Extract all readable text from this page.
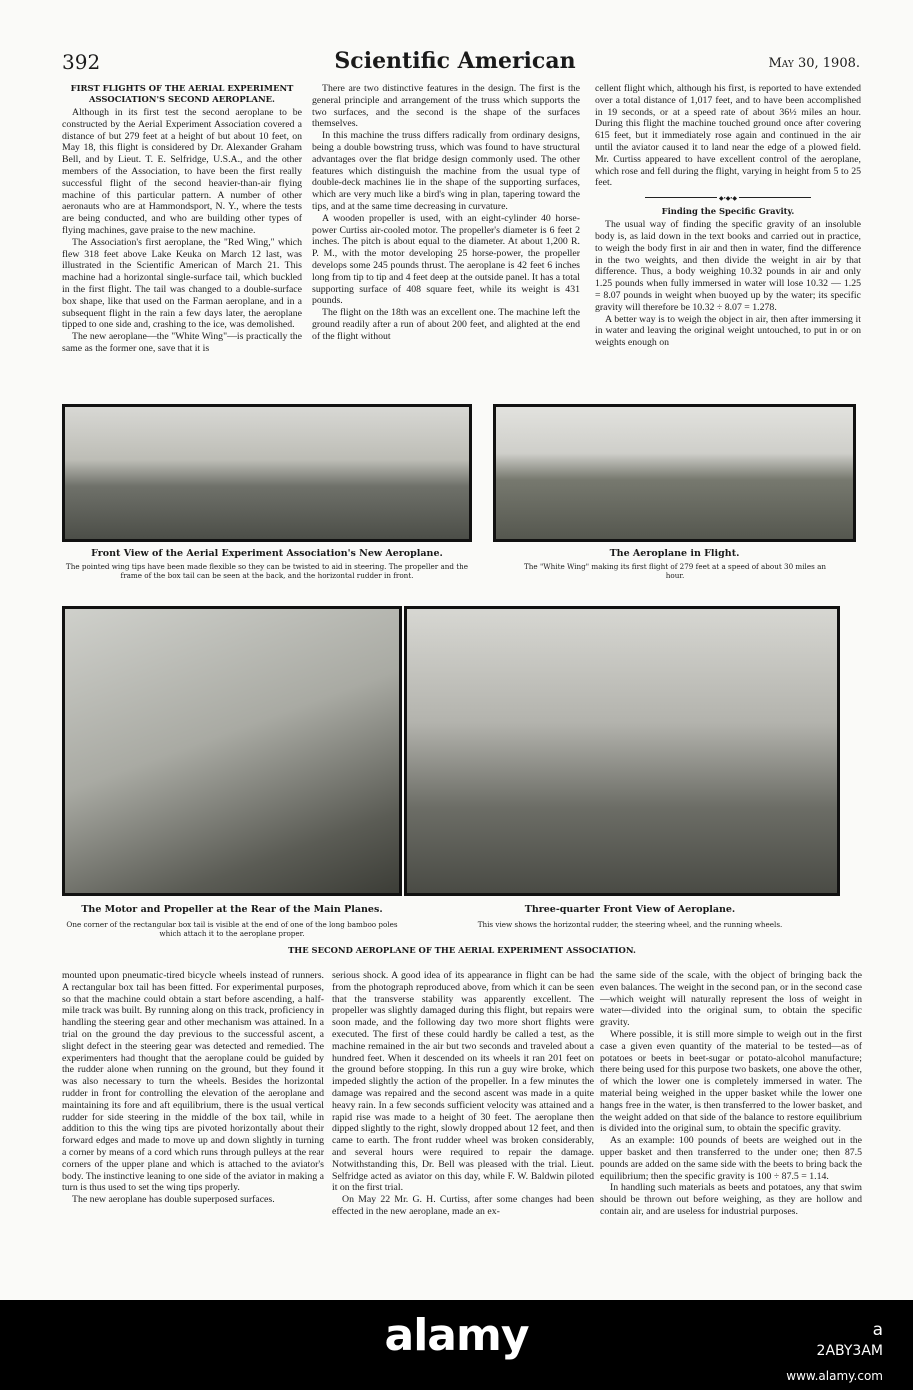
392	Scientific American	May 30, 1908.
FIRST FLIGHTS OF THE AERIAL EXPERIMENT ASSOCIATION'S SECOND AEROPLANE.

Although in its first test the second aeroplane to be constructed by the Aerial Experiment Association covered a distance of but 279 feet at a height of but about 10 feet, on May 18, this flight is considered by Dr. Alexander Graham Bell, and by Lieut. T. E. Selfridge, U.S.A., and the other members of the Association, to have been the first really successful flight of the second heavier-than-air flying machine of this particular pattern. A number of other aeronauts who are at Hammondsport, N. Y., where the tests are being conducted, and who are building other types of flying machines, gave praise to the new machine.

The Association's first aeroplane, the "Red Wing," which flew 318 feet above Lake Keuka on March 12 last, was illustrated in the Scientific American of March 21. This machine had a horizontal single-surface tail, which buckled in the first flight. The tail was changed to a double-surface box shape, like that used on the Farman aeroplane, and in a subsequent flight in the rain a few days later, the aeroplane tipped to one side and, crashing to the ice, was demolished.

The new aeroplane—the "White Wing"—is practically the same as the former one, save that it is

There are two distinctive features in the design. The first is the general principle and arrangement of the truss which supports the two surfaces, and the second is the shape of the surfaces themselves.

In this machine the truss differs radically from ordinary designs, being a double bowstring truss, which was found to have structural advantages over the flat bridge design commonly used. The other features which distinguish the machine from the usual type of double-deck machines lie in the shape of the supporting surfaces, which are very much like a bird's wing in plan, tapering toward the tips, and at the same time decreasing in curvature.

A wooden propeller is used, with an eight-cylinder 40 horse-power Curtiss air-cooled motor. The propeller's diameter is 6 feet 2 inches. The pitch is about equal to the diameter. At about 1,200 R. P. M., with the motor developing 25 horse-power, the propeller develops some 245 pounds thrust. The aeroplane is 42 feet 6 inches long from tip to tip and 4 feet deep at the outside panel. It has a total supporting surface of 408 square feet, while its weight is 431 pounds.

The flight on the 18th was an excellent one. The machine left the ground readily after a run of about 200 feet, and alighted at the end of the flight without

cellent flight which, although his first, is reported to have extended over a total distance of 1,017 feet, and to have been accomplished in 19 seconds, or at a speed rate of about 36½ miles an hour. During this flight the machine touched ground once after covering 615 feet, but it immediately rose again and continued in the air until the aviator caused it to land near the edge of a plowed field. Mr. Curtiss appeared to have excellent control of the aeroplane, which rose and fell during the flight, varying in height from 5 to 25 feet.

◆•◆•◆
Finding the Specific Gravity.

The usual way of finding the specific gravity of an insoluble body is, as laid down in the text books and carried out in practice, to weigh the body first in air and then in water, find the difference in the two weights, and then divide the weight in air by that difference. Thus, a body weighing 10.32 pounds in air and only 1.25 pounds when fully immersed in water will lose 10.32 — 1.25 = 8.07 pounds in weight when buoyed up by the water; its specific gravity will therefore be 10.32 ÷ 8.07 = 1.278.

A better way is to weigh the object in air, then after immersing it in water and leaving the original weight untouched, to put in or on weights enough on

Front View of the Aerial Experiment Association's New Aeroplane.
The pointed wing tips have been made flexible so they can be twisted to aid in steering. The propeller and the frame of the box tail can be seen at the back, and the horizontal rudder in front.
The Aeroplane in Flight.
The "White Wing" making its first flight of 279 feet at a speed of about 30 miles an hour.
The Motor and Propeller at the Rear of the Main Planes.
One corner of the rectangular box tail is visible at the end of one of the long bamboo poles which attach it to the aeroplane proper.
Three-quarter Front View of Aeroplane.
This view shows the horizontal rudder, the steering wheel, and the running wheels.
THE SECOND AEROPLANE OF THE AERIAL EXPERIMENT ASSOCIATION.

mounted upon pneumatic-tired bicycle wheels instead of runners. A rectangular box tail has been fitted. For experimental purposes, so that the machine could obtain a start before ascending, a half-mile track was built. By running along on this track, proficiency in handling the steering gear and other mechanism was attained. In a trial on the ground the day previous to the successful ascent, a slight defect in the steering gear was detected and remedied. The experimenters had thought that the aeroplane could be guided by the rudder alone when running on the ground, but they found it was also necessary to turn the wheels. Besides the horizontal rudder in front for controlling the elevation of the aeroplane and maintaining its fore and aft equilibrium, there is the usual vertical rudder for side steering in the middle of the box tail, while in addition to this the wing tips are pivoted horizontally about their forward edges and made to move up and down slightly in turning a corner by means of a cord which runs through pulleys at the rear corners of the upper plane and which is attached to the aviator's body. The instinctive leaning to one side of the aviator in making a turn is thus used to set the wing tips properly.

The new aeroplane has double superposed surfaces.

serious shock. A good idea of its appearance in flight can be had from the photograph reproduced above, from which it can be seen that the transverse stability was apparently excellent. The propeller was slightly damaged during this flight, but repairs were soon made, and the following day two more short flights were executed. The first of these could hardly be called a test, as the machine remained in the air but two seconds and traveled about a hundred feet. When it descended on its wheels it ran 201 feet on the ground before stopping. In this run a guy wire broke, which impeded slightly the action of the propeller. In a few minutes the damage was repaired and the second ascent was made in a quite heavy rain. In a few seconds sufficient velocity was attained and a rapid rise was made to a height of 30 feet. The aeroplane then dipped slightly to the right, slowly dropped about 12 feet, and then came to earth. The front rudder wheel was broken considerably, and several hours were required to repair the damage. Notwithstanding this, Dr. Bell was pleased with the trial. Lieut. Selfridge acted as aviator on this day, while F. W. Baldwin piloted it on the first trial.

On May 22 Mr. G. H. Curtiss, after some changes had been effected in the new aeroplane, made an ex-

the same side of the scale, with the object of bringing back the even balances. The weight in the second pan, or in the second case—which weight will naturally represent the loss of weight in water—divided into the original sum, to obtain the specific gravity.

Where possible, it is still more simple to weigh out in the first case a given even quantity of the material to be tested—as of potatoes or beets in beet-sugar or potato-alcohol manufacture; there being used for this purpose two baskets, one above the other, of which the lower one is completely immersed in water. The material being weighed in the upper basket while the lower one hangs free in the water, is then transferred to the lower basket, and the weight added on that side of the balance to restore equilibrium is divided into the original sum, to obtain the specific gravity.

As an example: 100 pounds of beets are weighed out in the upper basket and then transferred to the under one; then 87.5 pounds are added on the same side with the beets to bring back the equilibrium; then the specific gravity is 100 ÷ 87.5 = 1.14.

In handling such materials as beets and potatoes, any that swim should be thrown out before weighing, as they are hollow and contain air, and are useless for industrial purposes.

alamy	a
2ABY3AM
www.alamy.com
